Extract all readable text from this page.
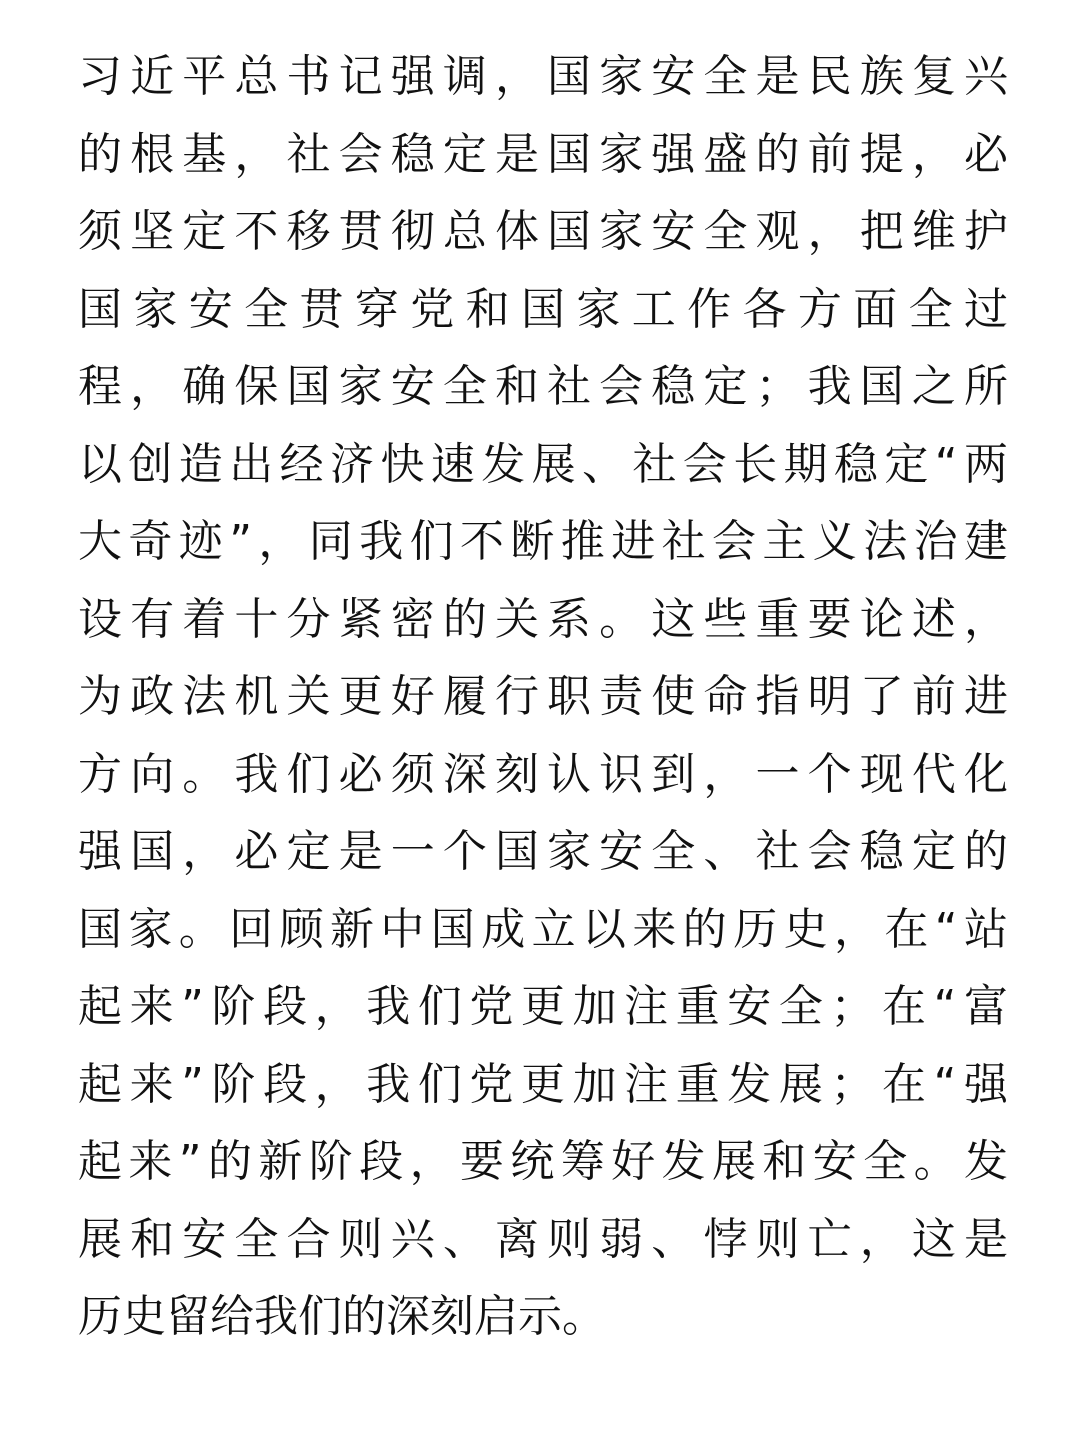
习近平总书记强调，国家安全是民族复兴
的根基，社会稳定是国家强盛的前提，必
须坚定不移贯彻总体国家安全观，把维护
国家安全贯穿党和国家工作各方面全过
程，确保国家安全和社会稳定；我国之所
以创造出经济快速发展、社会长期稳定“两
大奇迹”，同我们不断推进社会主义法治建
设有着十分紧密的关系。这些重要论述，
为政法机关更好履行职责使命指明了前进
方向。我们必须深刻认识到，一个现代化
强国，必定是一个国家安全、社会稳定的
国家。回顾新中国成立以来的历史，在“站
起来”阶段，我们党更加注重安全；在“富
起来”阶段，我们党更加注重发展；在“强
起来”的新阶段，要统筹好发展和安全。发
展和安全合则兴、离则弱、悖则亡，这是
历史留给我们的深刻启示。
